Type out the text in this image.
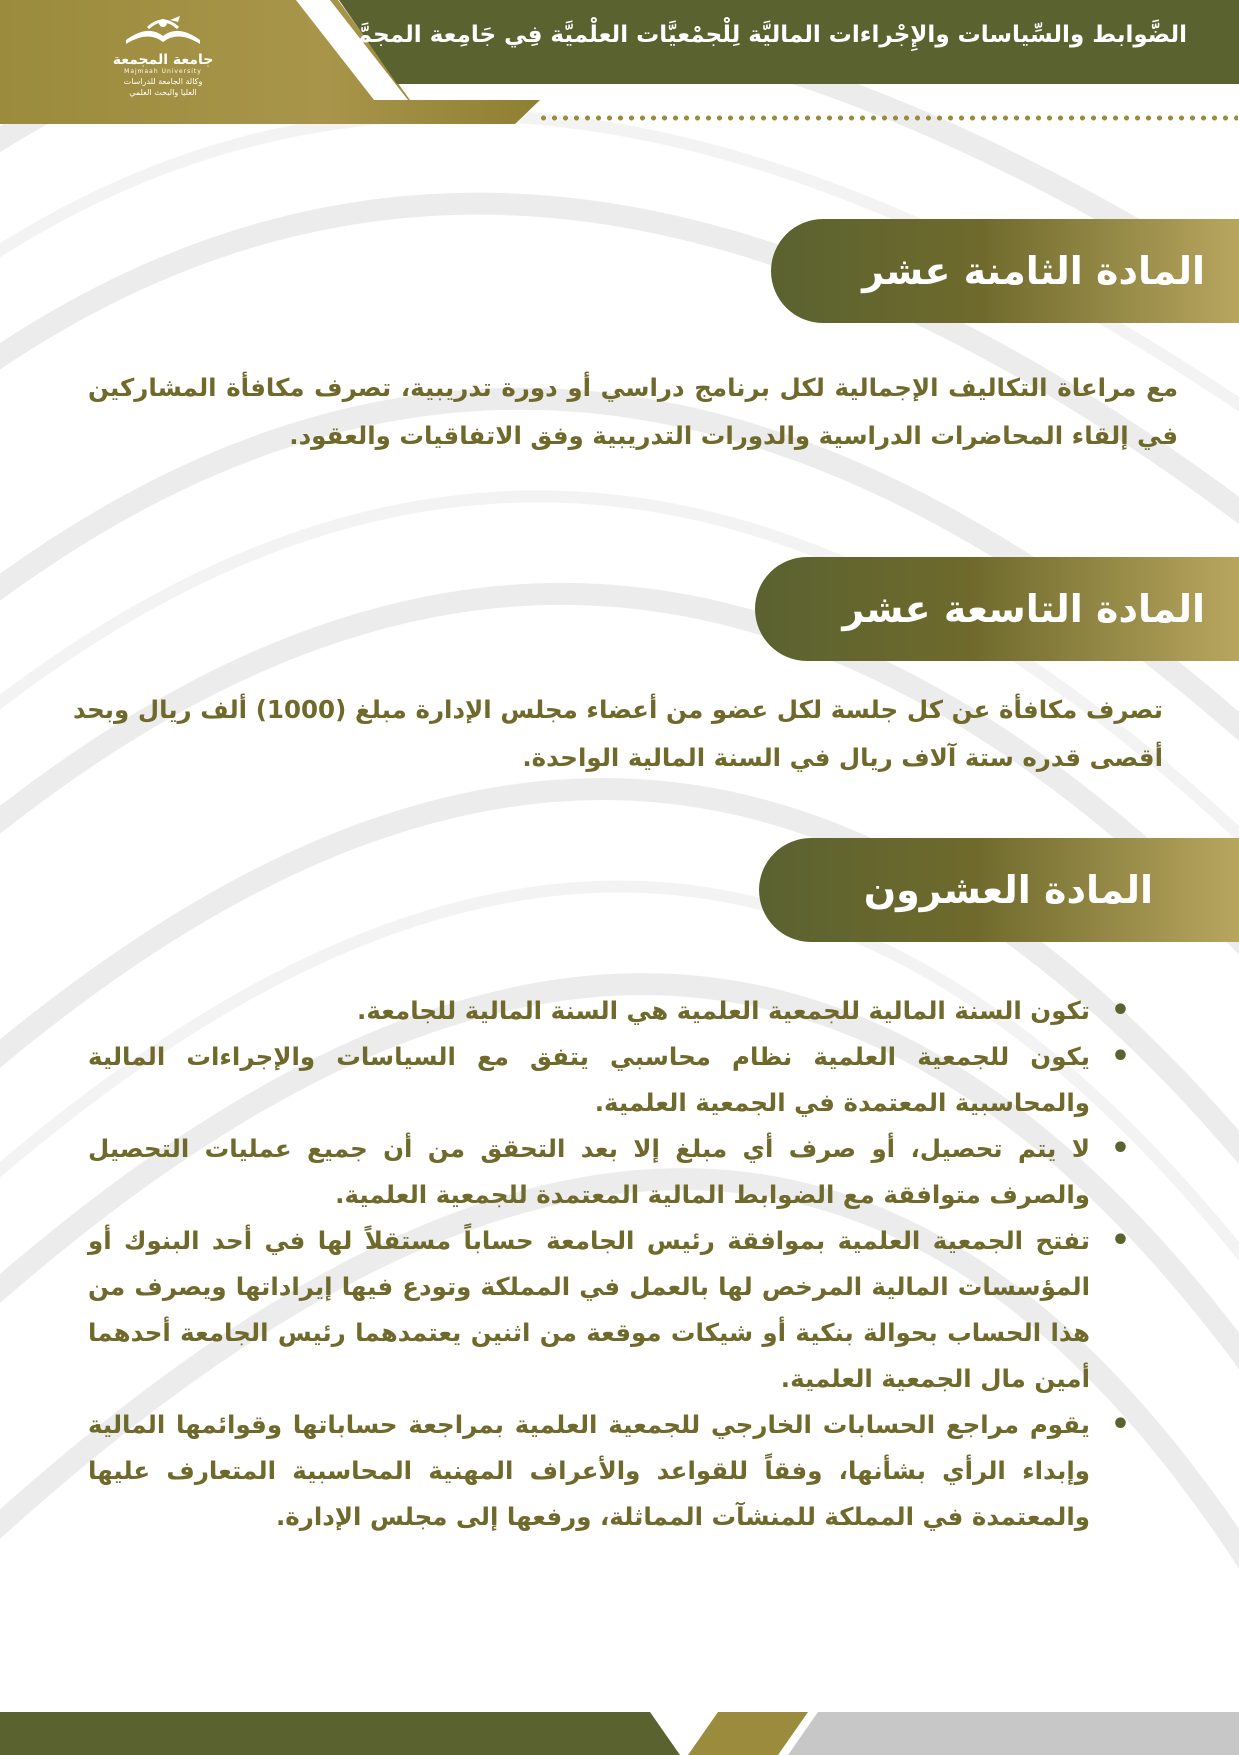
الضَّوابط والسِّياسات والإِجْراءات الماليَّة لِلْجمْعيَّات العلْميَّة فِي جَامِعة المجمَّعة
جامعة المجمعة
Majmaah University
وكالة الجامعة للدراسات
العليا والبحث العلمي
المادة الثامنة عشر

مع مراعاة التكاليف الإجمالية لكل برنامج دراسي أو دورة تدريبية، تصرف مكافأة المشاركين في إلقاء المحاضرات الدراسية والدورات التدريبية وفق الاتفاقيات والعقود.

المادة التاسعة عشر

تصرف مكافأة عن كل جلسة لكل عضو من أعضاء مجلس الإدارة مبلغ (1000) ألف ريال وبحد أقصى قدره ستة آلاف ريال في السنة المالية الواحدة.

المادة العشرون
• تكون السنة المالية للجمعية العلمية هي السنة المالية للجامعة.
• يكون للجمعية العلمية نظام محاسبي يتفق مع السياسات والإجراءات المالية والمحاسبية المعتمدة في الجمعية العلمية.
• لا يتم تحصيل، أو صرف أي مبلغ إلا بعد التحقق من أن جميع عمليات التحصيل والصرف متوافقة مع الضوابط المالية المعتمدة للجمعية العلمية.
• تفتح الجمعية العلمية بموافقة رئيس الجامعة حساباً مستقلاً لها في أحد البنوك أو المؤسسات المالية المرخص لها بالعمل في المملكة وتودع فيها إيراداتها ويصرف من هذا الحساب بحوالة بنكية أو شيكات موقعة من اثنين يعتمدهما رئيس الجامعة أحدهما أمين مال الجمعية العلمية.
• يقوم مراجع الحسابات الخارجي للجمعية العلمية بمراجعة حساباتها وقوائمها المالية وإبداء الرأي بشأنها، وفقاً للقواعد والأعراف المهنية المحاسبية المتعارف عليها والمعتمدة في المملكة للمنشآت المماثلة، ورفعها إلى مجلس الإدارة.
